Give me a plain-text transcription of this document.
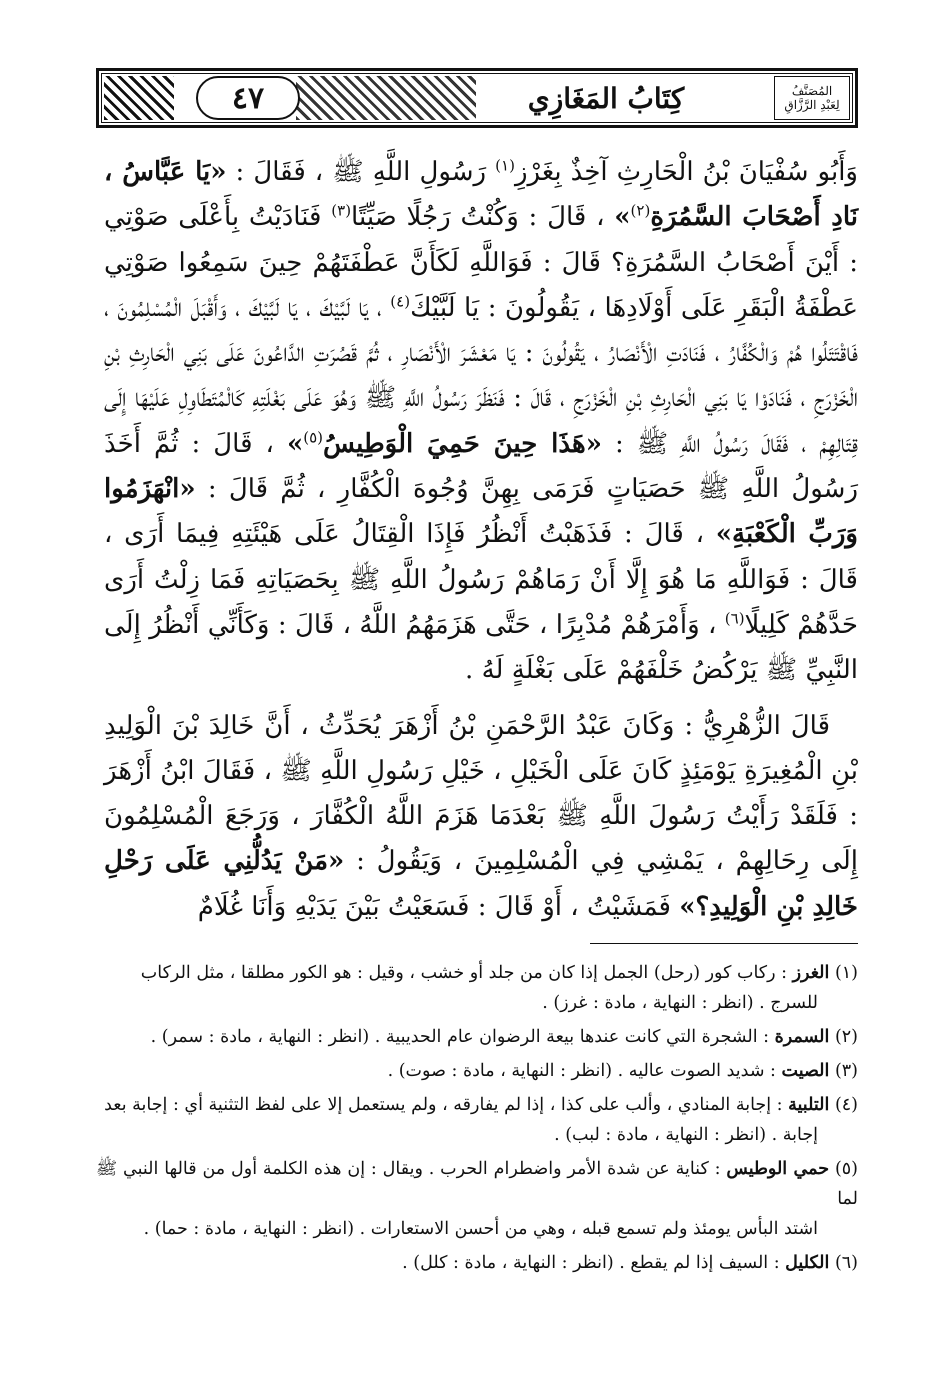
٤٧	كِتَابُ المَغَازِي	المُصَنَّفُ
لِعَبْدِ الرَّزَّاقِ

وَأَبُو سُفْيَانَ بْنُ الْحَارِثِ آخِذٌ بِغَرْزِ$^{(١)}$ رَسُولِ اللَّهِ ﷺ ، فَقَالَ : «يَا عَبَّاسُ ، نَادِ أَصْحَابَ السَّمُرَةِ$^{(٢)}$» ، قَالَ : وَكُنْتُ رَجُلًا صَيِّتًا$^{(٣)}$ فَنَادَيْتُ بِأَعْلَى صَوْتِي : أَيْنَ أَصْحَابُ السَّمُرَةِ؟ قَالَ : فَوَاللَّهِ لَكَأَنَّ عَطْفَتَهُمْ حِينَ سَمِعُوا صَوْتِي عَطْفَةُ الْبَقَرِ عَلَى أَوْلَادِهَا ، يَقُولُونَ : يَا لَبَّيْكَ$^{(٤)}$ ، يَا لَبَّيْكَ ، يَا لَبَّيْكَ ، وَأَقْبَلَ الْمُسْلِمُونَ ، فَاقْتَتَلُوا هُمْ وَالْكُفَّارُ ، فَنَادَتِ الْأَنْصَارُ ، يَقُولُونَ : يَا مَعْشَرَ الْأَنْصَارِ ، ثُمَّ قَصُرَتِ الدَّاعُونَ عَلَى بَنِي الْحَارِثِ بْنِ الْخَزْرَجِ ، فَنَادَوْا يَا بَنِي الْحَارِثِ بْنِ الْخَزْرَجِ ، قَالَ : فَنَظَرَ رَسُولُ اللَّهِ ﷺ وَهُوَ عَلَى بَغْلَتِهِ كَالْمُتَطَاوِلِ عَلَيْهَا إِلَى قِتَالِهِمْ ، فَقَالَ رَسُولُ اللَّهِ ﷺ : «هَذَا حِينَ حَمِيَ الْوَطِيسُ$^{(٥)}$» ، قَالَ : ثُمَّ أَخَذَ رَسُولُ اللَّهِ ﷺ حَصَيَاتٍ فَرَمَى بِهِنَّ وُجُوهَ الْكُفَّارِ ، ثُمَّ قَالَ : «انْهَزَمُوا وَرَبِّ الْكَعْبَةِ» ، قَالَ : فَذَهَبْتُ أَنْظُرُ فَإِذَا الْقِتَالُ عَلَى هَيْئَتِهِ فِيمَا أَرَى ، قَالَ : فَوَاللَّهِ مَا هُوَ إِلَّا أَنْ رَمَاهُمْ رَسُولُ اللَّهِ ﷺ بِحَصَيَاتِهِ فَمَا زِلْتُ أَرَى حَدَّهُمْ كَلِيلًا$^{(٦)}$ ، وَأَمْرَهُمْ مُدْبِرًا ، حَتَّى هَزَمَهُمُ اللَّهُ ، قَالَ : وَكَأَنِّي أَنْظُرُ إِلَى النَّبِيِّ ﷺ يَرْكُضُ خَلْفَهُمْ عَلَى بَغْلَةٍ لَهُ .

قَالَ الزُّهْرِيُّ : وَكَانَ عَبْدُ الرَّحْمَنِ بْنُ أَزْهَرَ يُحَدِّثُ ، أَنَّ خَالِدَ بْنَ الْوَلِيدِ بْنِ الْمُغِيرَةِ يَوْمَئِذٍ كَانَ عَلَى الْخَيْلِ ، خَيْلِ رَسُولِ اللَّهِ ﷺ ، فَقَالَ ابْنُ أَزْهَرَ : فَلَقَدْ رَأَيْتُ رَسُولَ اللَّهِ ﷺ بَعْدَمَا هَزَمَ اللَّهُ الْكُفَّارَ ، وَرَجَعَ الْمُسْلِمُونَ إِلَى رِحَالِهِمْ ، يَمْشِي فِي الْمُسْلِمِينَ ، وَيَقُولُ : «مَنْ يَدُلُّنِي عَلَى رَحْلِ خَالِدِ بْنِ الْوَلِيدِ؟» فَمَشَيْتُ ، أَوْ قَالَ : فَسَعَيْتُ بَيْنَ يَدَيْهِ وَأَنَا غُلَامٌ

(١) الغرز : ركاب كور (رحل) الجمل إذا كان من جلد أو خشب ، وقيل : هو الكور مطلقا ، مثل الركاب
للسرج . (انظر : النهاية ، مادة : غرز) .

(٢) السمرة : الشجرة التي كانت عندها بيعة الرضوان عام الحديبية . (انظر : النهاية ، مادة : سمر) .

(٣) الصيت : شديد الصوت عاليه . (انظر : النهاية ، مادة : صوت) .

(٤) التلبية : إجابة المنادي ، وألب على كذا ، إذا لم يفارقه ، ولم يستعمل إلا على لفظ التثنية أي : إجابة بعد
إجابة . (انظر : النهاية ، مادة : لبب) .

(٥) حمي الوطيس : كناية عن شدة الأمر واضطرام الحرب . ويقال : إن هذه الكلمة أول من قالها النبي ﷺ لما
اشتد البأس يومئذ ولم تسمع قبله ، وهي من أحسن الاستعارات . (انظر : النهاية ، مادة : حما) .

(٦) الكليل : السيف إذا لم يقطع . (انظر : النهاية ، مادة : كلل) .
